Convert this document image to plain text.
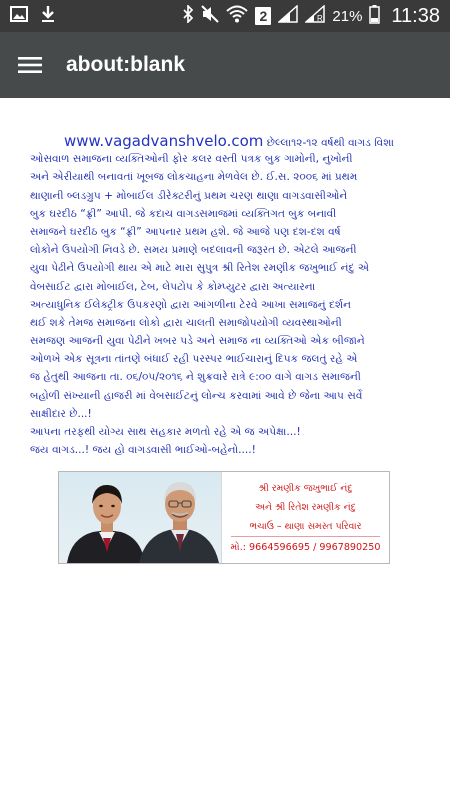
2	R 21% 11:38
about:blank
www.vagadvanshvelo.com છેલ્લા૧૨-૧૨ વર્ષથી વાગડ વિશા
ઓસવાળ સમાજના વ્યક્તિઓની ફોર કલર વસ્તી પત્રક બુક ગામોની, નુખોની
અને એરીયાથી બનાવતાં ખૂબજ લોકચાહના મેળવેલ છે. ઈ.સ. ૨૦૦૬ માં પ્રથમ
થાણાની બ્લડગ્રુપ + મોબાઈલ ડીરેક્ટરીનું પ્રથમ ચરણ થાણા વાગડવાસીઓને
બુક ઘરદીઠ “ફ્રી” આપી. જે કદાચ વાગડસમાજમાં વ્યક્તિગત બુક બનાવી
સમાજને ઘરદીઠ બુક “ફ્રી” આપનાર પ્રથમ હશે. જે આજે પણ દશ-દશ વર્ષ
લોકોને ઉપયોગી નિવડે છે. સમય પ્રમાણે બદલાવની જરૂરત છે. એટલે આજની
યુવા પેઢીને ઉપયોગી થાય એ માટે મારા સુપુત્ર શ્રી રિતેશ રમણીક જખુભાઈ નંદુ એ
વેબસાઈટ દ્વારા મોબાઈલ, ટેબ, લેપટોપ કે કોમ્પ્યુટર દ્વારા અત્યારના
અત્યાધુનિક ઈલેક્ટ્રીક ઉપકરણો દ્વારા આંગળીના ટેરવે આખા સમાજનું દર્શન
થઈ શકે તેમજ સમાજના લોકો દ્વારા ચાલતી સમાજોપયોગી વ્યવસ્થાઓની
સમજણ આજની યુવા પેઢીને ખબર પડે અને સમાજ ના વ્યક્તિઓ એક બીજાને
ઓળખે એક સૂત્રના તાંતણે બંધાઈ રહી પરસ્પર ભાઈચારાનું દિપક જલતું રહે એ
જ હેતુથી આજના તા. ૦૬/૦૫/૨૦૧૬ ને શુક્રવારે રાત્રે ૯:૦૦ વાગે વાગડ સમાજની
બહોળી સંખ્યાની હાજરી માં વેબસાઈટનું લોન્ચ કરવામાં આવે છે જેના આપ સર્વે
સાક્ષીદાર છે...!
આપના તરફથી યોગ્ય સાથ સહકાર મળતો રહે એ જ અપેક્ષા...!
જય વાગડ...! જય હો વાગડવાસી ભાઈઓ-બહેનો....!
શ્રી રમણીક જખુભાઈ નંદુ
અને શ્રી રિતેશ રમણીક નંદુ
ભચાઉ – થાણા સમસ્ત પરિવાર
મો.: 9664596695 / 9967890250
